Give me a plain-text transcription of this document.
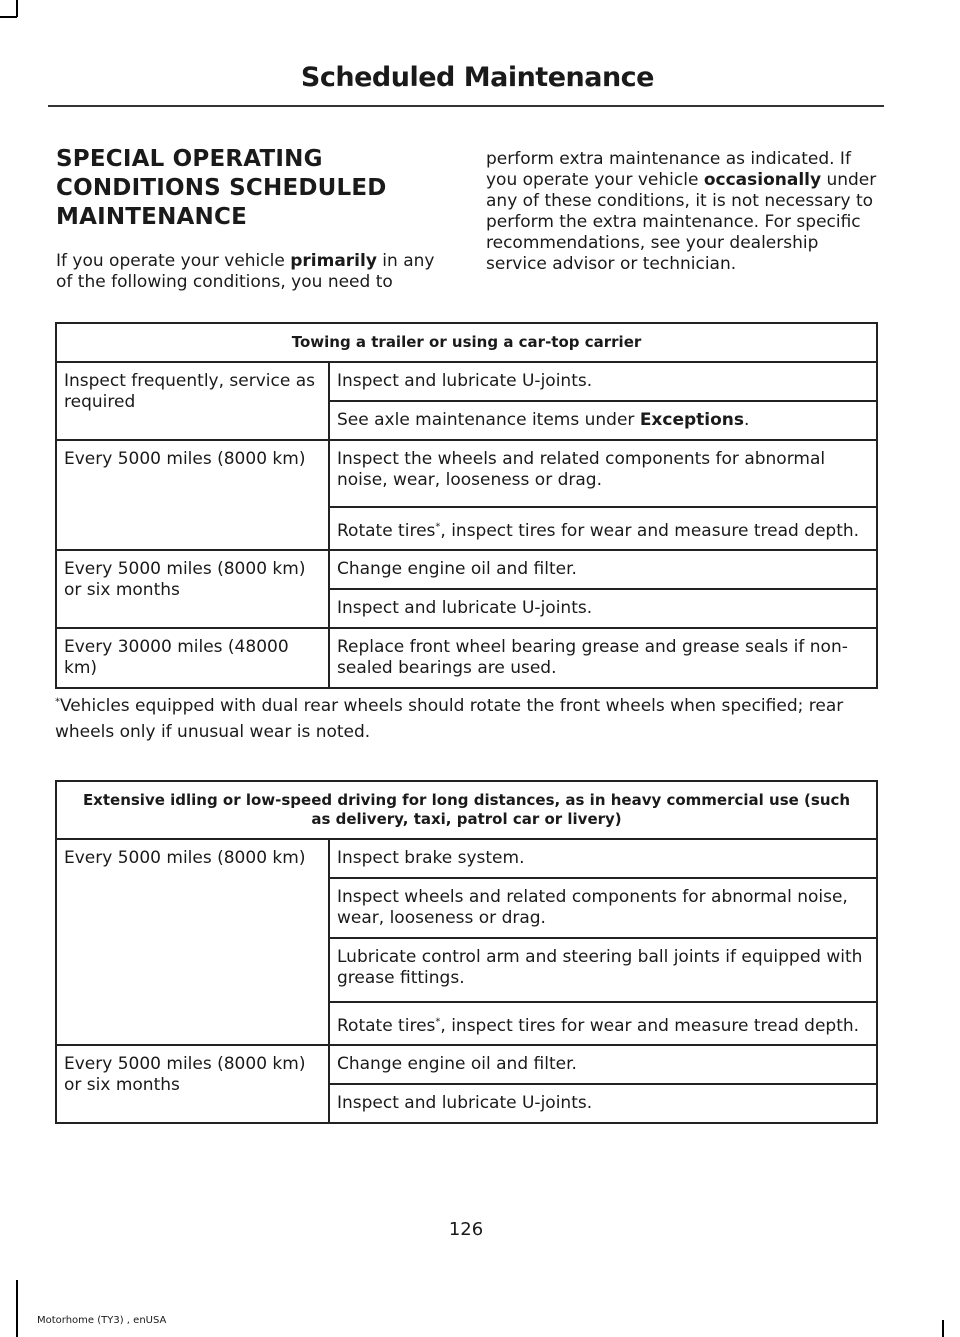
Scheduled Maintenance
SPECIAL OPERATING
CONDITIONS SCHEDULED
MAINTENANCE

If you operate your vehicle primarily in any of the following conditions, you need to

perform extra maintenance as indicated. If you operate your vehicle occasionally under any of these conditions, it is not necessary to perform the extra maintenance. For specific recommendations, see your dealership service advisor or technician.

Towing a trailer or using a car-top carrier	
Inspect frequently, service as required	Inspect and lubricate U-joints.
	See axle maintenance items under Exceptions.
Every 5000 miles (8000 km)	Inspect the wheels and related components for abnormal noise, wear, looseness or drag.
	Rotate tires*, inspect tires for wear and measure tread depth.
Every 5000 miles (8000 km) or six months	Change engine oil and filter.
	Inspect and lubricate U-joints.
Every 30000 miles (48000 km)	Replace front wheel bearing grease and grease seals if non-sealed bearings are used.
*Vehicles equipped with dual rear wheels should rotate the front wheels when specified; rear wheels only if unusual wear is noted.
Extensive idling or low-speed driving for long distances, as in heavy commercial use (such as delivery, taxi, patrol car or livery)	
Every 5000 miles (8000 km)	Inspect brake system.
	Inspect wheels and related components for abnormal noise, wear, looseness or drag.
	Lubricate control arm and steering ball joints if equipped with grease fittings.
	Rotate tires*, inspect tires for wear and measure tread depth.
Every 5000 miles (8000 km) or six months	Change engine oil and filter.
	Inspect and lubricate U-joints.
126
Motorhome (TY3) , enUSA
